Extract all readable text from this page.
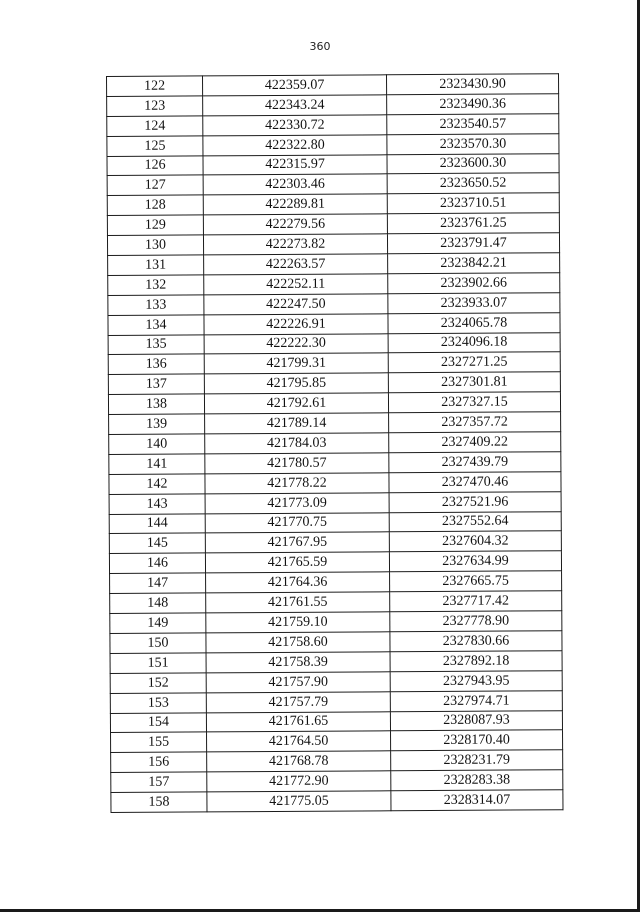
360
122	422359.07	2323430.90
123	422343.24	2323490.36
124	422330.72	2323540.57
125	422322.80	2323570.30
126	422315.97	2323600.30
127	422303.46	2323650.52
128	422289.81	2323710.51
129	422279.56	2323761.25
130	422273.82	2323791.47
131	422263.57	2323842.21
132	422252.11	2323902.66
133	422247.50	2323933.07
134	422226.91	2324065.78
135	422222.30	2324096.18
136	421799.31	2327271.25
137	421795.85	2327301.81
138	421792.61	2327327.15
139	421789.14	2327357.72
140	421784.03	2327409.22
141	421780.57	2327439.79
142	421778.22	2327470.46
143	421773.09	2327521.96
144	421770.75	2327552.64
145	421767.95	2327604.32
146	421765.59	2327634.99
147	421764.36	2327665.75
148	421761.55	2327717.42
149	421759.10	2327778.90
150	421758.60	2327830.66
151	421758.39	2327892.18
152	421757.90	2327943.95
153	421757.79	2327974.71
154	421761.65	2328087.93
155	421764.50	2328170.40
156	421768.78	2328231.79
157	421772.90	2328283.38
158	421775.05	2328314.07
